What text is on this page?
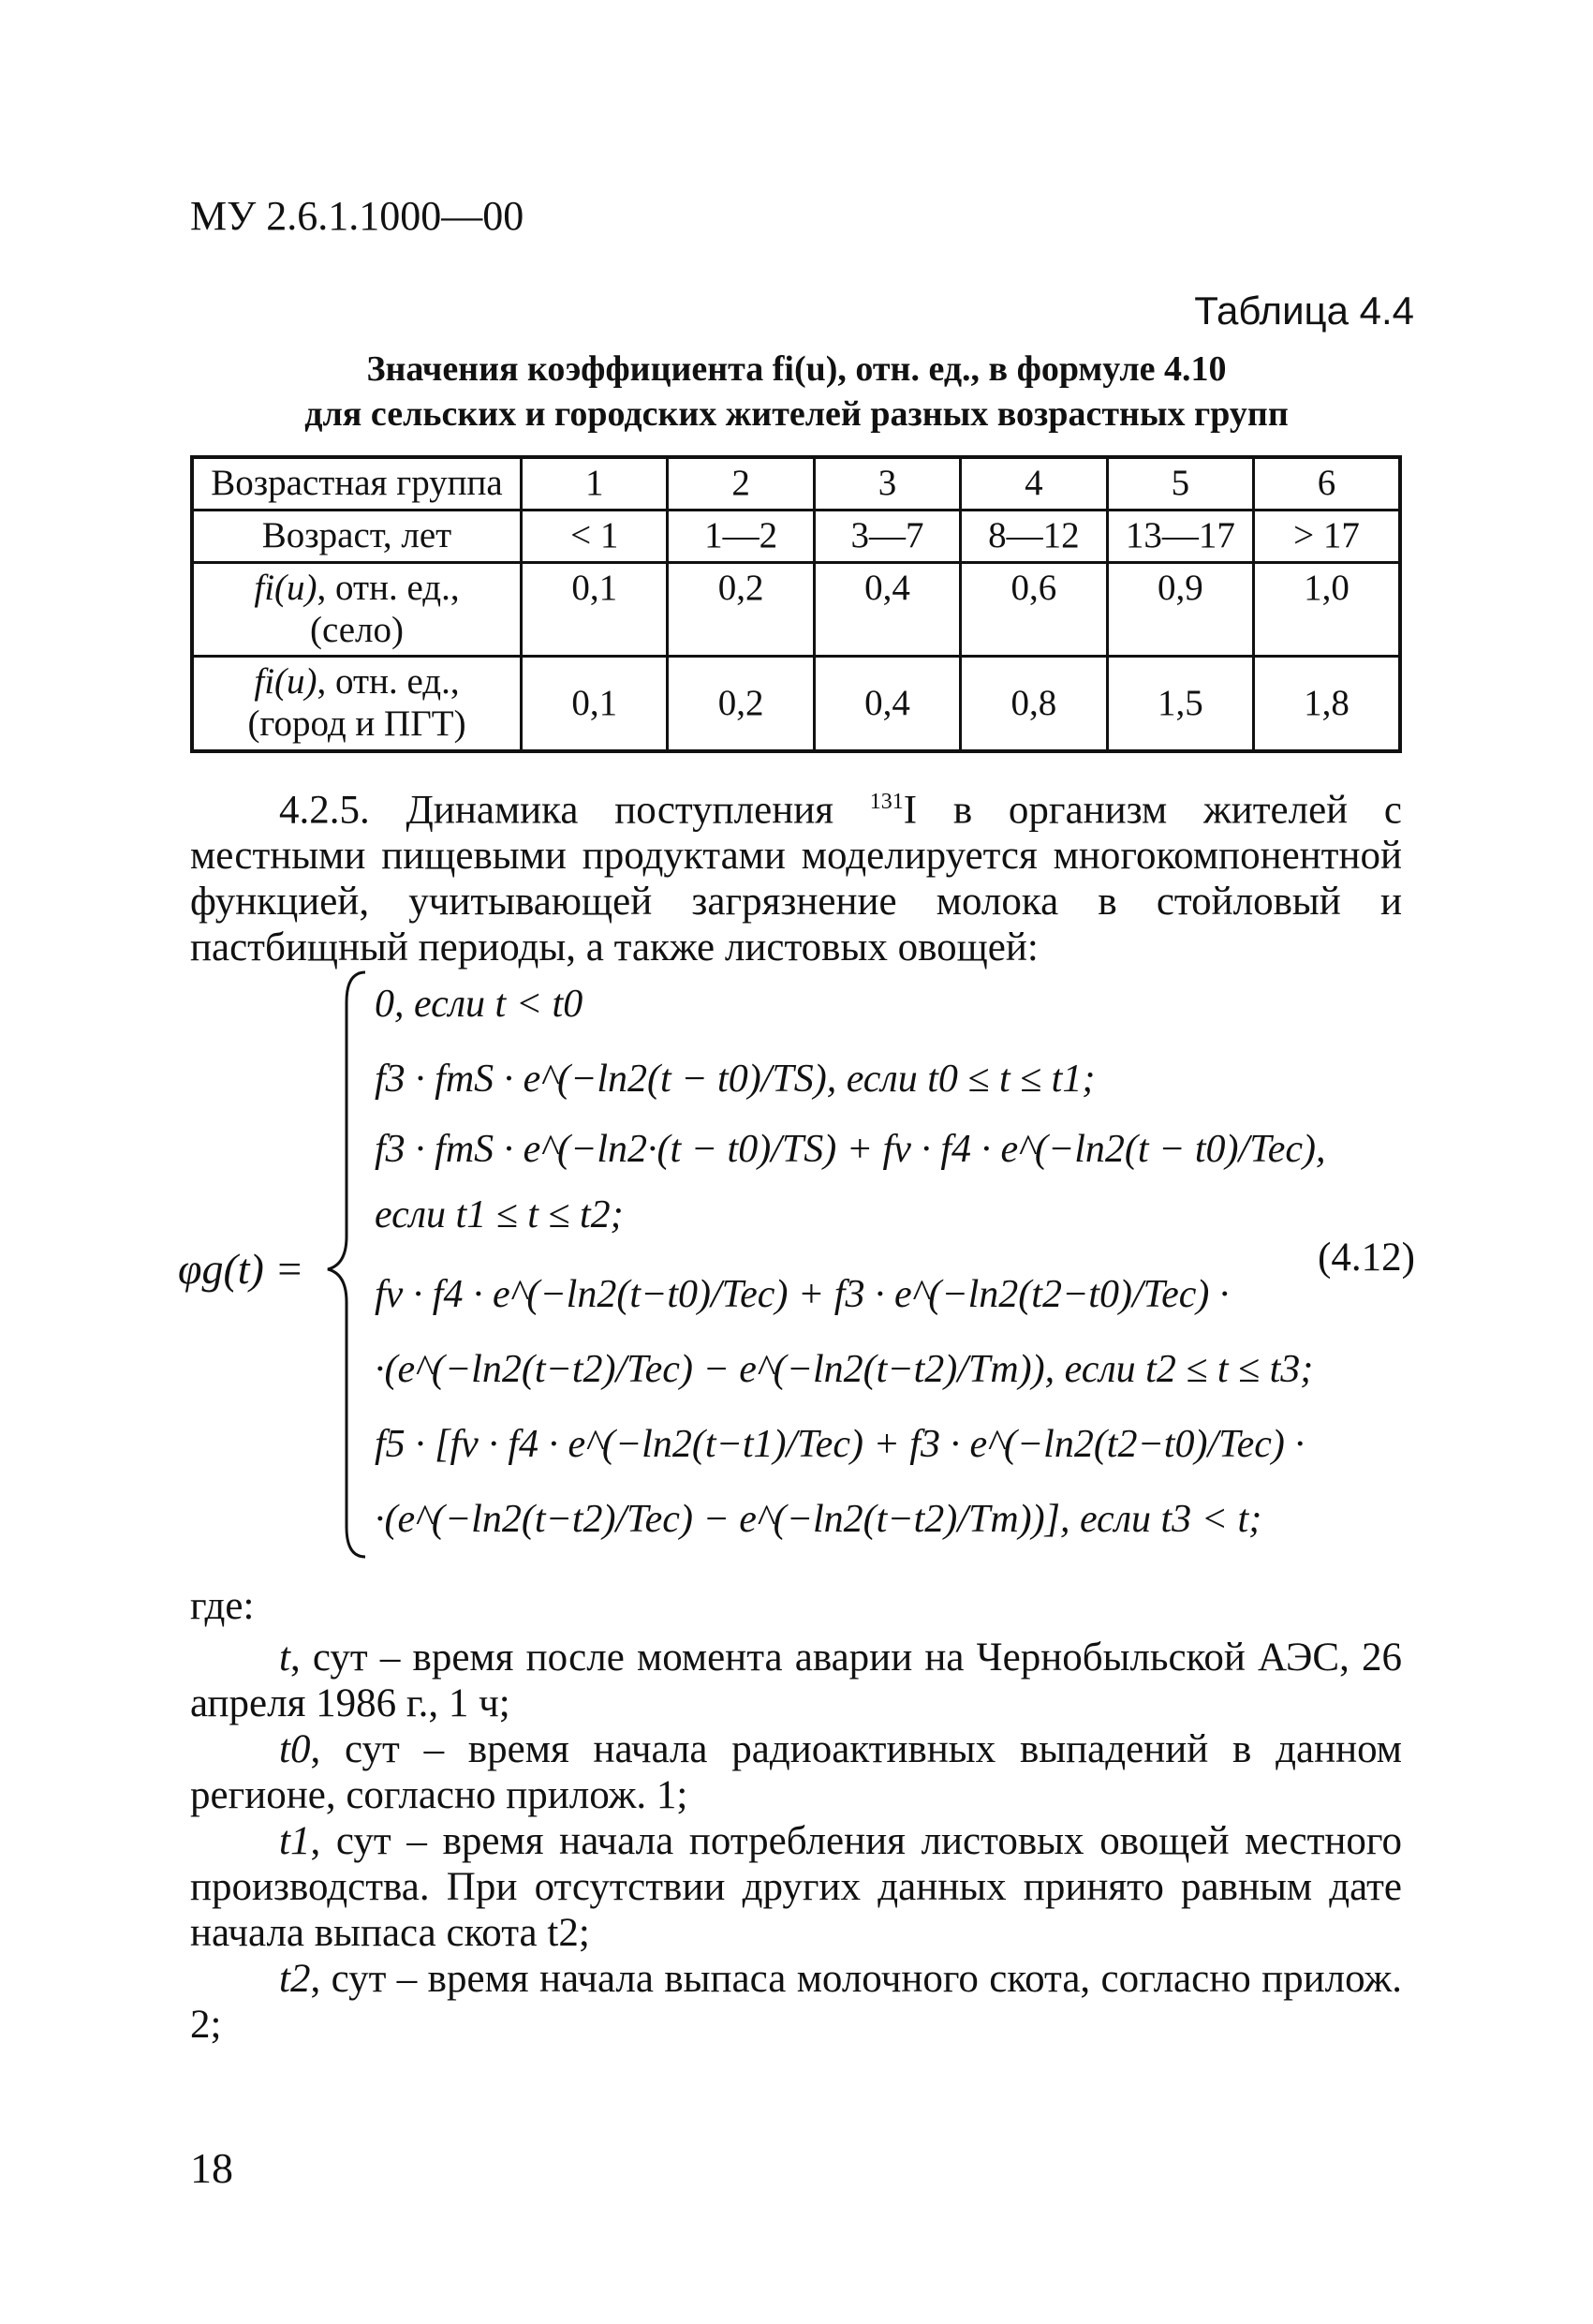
МУ 2.6.1.1000—00
Таблица 4.4
Значения коэффициента fi(u), отн. ед., в формуле 4.10
для сельских и городских жителей разных возрастных групп
Возрастная группа	1	2	3	4	5	6
Возраст, лет	< 1	1—2	3—7	8—12	13—17	> 17
fi(u), отн. ед.,
(село)	0,1	0,2	0,4	0,6	0,9	1,0
fi(u), отн. ед.,
(город и ПГТ)	0,1	0,2	0,4	0,8	1,5	1,8
4.2.5. Динамика поступления $^{131}$I в организм жителей с местными пищевыми продуктами моделируется многокомпонентной функцией, учитывающей загрязнение молока в стойловый и пастбищный периоды, а также листовых овощей:
φg(t) =
0, если t < t0
f3 · fmS · e^(−ln2(t − t0)/TS), если t0 ≤ t ≤ t1;
f3 · fmS · e^(−ln2·(t − t0)/TS) + fv · f4 · e^(−ln2(t − t0)/Tec),
если t1 ≤ t ≤ t2;
fv · f4 · e^(−ln2(t−t0)/Tec) + f3 · e^(−ln2(t2−t0)/Tec) ·
·(e^(−ln2(t−t2)/Tec) − e^(−ln2(t−t2)/Tm)), если t2 ≤ t ≤ t3;
f5 · [fv · f4 · e^(−ln2(t−t1)/Tec) + f3 · e^(−ln2(t2−t0)/Tec) ·
·(e^(−ln2(t−t2)/Tec) − e^(−ln2(t−t2)/Tm))], если t3 < t;
(4.12)
где:
t, сут – время после момента аварии на Чернобыльской АЭС, 26 апреля 1986 г., 1 ч;
t0, сут – время начала радиоактивных выпадений в данном регионе, согласно прилож. 1;
t1, сут – время начала потребления листовых овощей местного производства. При отсутствии других данных принято равным дате начала выпаса скота t2;
t2, сут – время начала выпаса молочного скота, согласно прилож. 2;
18
